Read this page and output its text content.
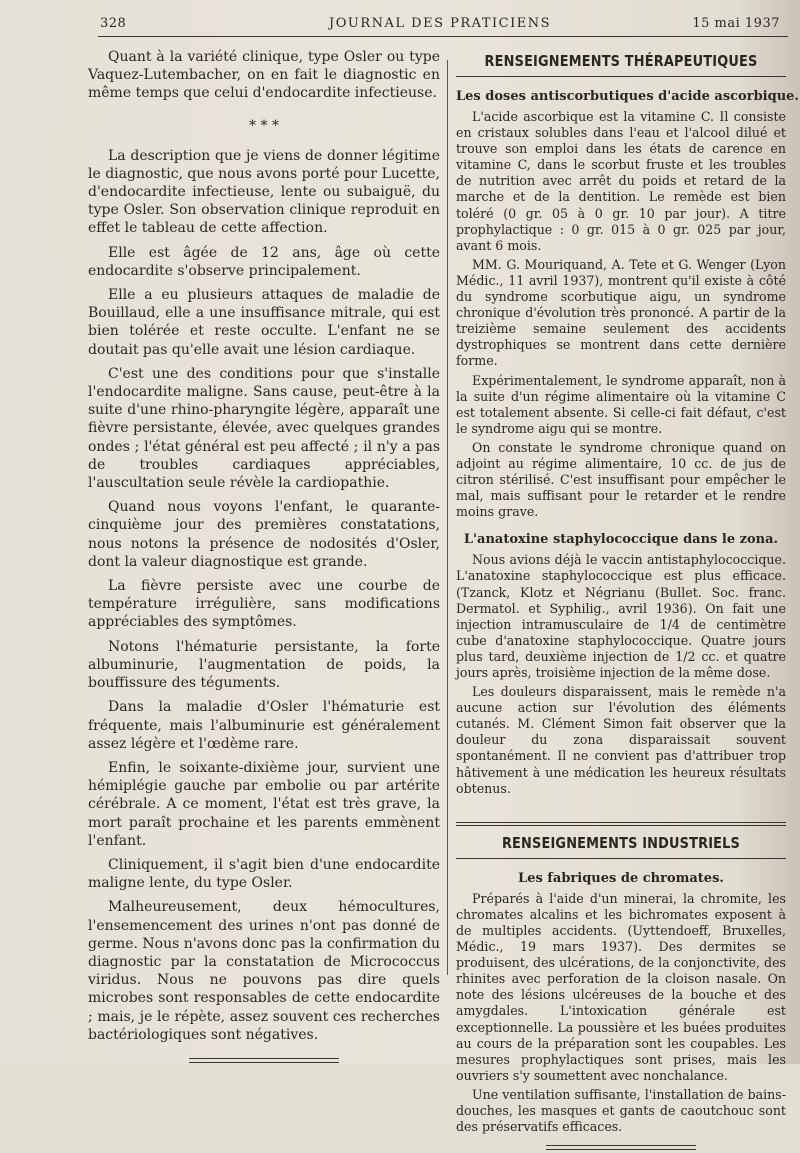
328	JOURNAL DES PRATICIENS	15 mai 1937

Quant à la variété clinique, type Osler ou type Vaquez-Lutembacher, on en fait le diagnostic en même temps que celui d'endocardite infectieuse.

* * *

La description que je viens de donner légitime le diagnostic, que nous avons porté pour Lucette, d'endocardite infectieuse, lente ou subaiguë, du type Osler. Son observation clinique reproduit en effet le tableau de cette affection.

Elle est âgée de 12 ans, âge où cette endocardite s'observe principalement.

Elle a eu plusieurs attaques de maladie de Bouillaud, elle a une insuffisance mitrale, qui est bien tolérée et reste occulte. L'enfant ne se doutait pas qu'elle avait une lésion cardiaque.

C'est une des conditions pour que s'installe l'endocardite maligne. Sans cause, peut-être à la suite d'une rhino-pharyngite légère, apparaît une fièvre persistante, élevée, avec quelques grandes ondes ; l'état général est peu affecté ; il n'y a pas de troubles cardiaques appréciables, l'auscultation seule révèle la cardiopathie.

Quand nous voyons l'enfant, le quarante-cinquième jour des premières constatations, nous notons la présence de nodosités d'Osler, dont la valeur diagnostique est grande.

La fièvre persiste avec une courbe de température irrégulière, sans modifications appréciables des symptômes.

Notons l'hématurie persistante, la forte albuminurie, l'augmentation de poids, la bouffissure des téguments.

Dans la maladie d'Osler l'hématurie est fréquente, mais l'albuminurie est généralement assez légère et l'œdème rare.

Enfin, le soixante-dixième jour, survient une hémiplégie gauche par embolie ou par artérite cérébrale. A ce moment, l'état est très grave, la mort paraît prochaine et les parents emmènent l'enfant.

Cliniquement, il s'agit bien d'une endocardite maligne lente, du type Osler.

Malheureusement, deux hémocultures, l'ensemencement des urines n'ont pas donné de germe. Nous n'avons donc pas la confirmation du diagnostic par la constatation de Micrococcus viridus. Nous ne pouvons pas dire quels microbes sont responsables de cette endocardite ; mais, je le répète, assez souvent ces recherches bactériologiques sont négatives.

RENSEIGNEMENTS THÉRAPEUTIQUES
Les doses antiscorbutiques d'acide ascorbique.

L'acide ascorbique est la vitamine C. Il consiste en cristaux solubles dans l'eau et l'alcool dilué et trouve son emploi dans les états de carence en vitamine C, dans le scorbut fruste et les troubles de nutrition avec arrêt du poids et retard de la marche et de la dentition. Le remède est bien toléré (0 gr. 05 à 0 gr. 10 par jour). A titre prophylactique : 0 gr. 015 à 0 gr. 025 par jour, avant 6 mois.

MM. G. Mouriquand, A. Tete et G. Wenger (Lyon Médic., 11 avril 1937), montrent qu'il existe à côté du syndrome scorbutique aigu, un syndrome chronique d'évolution très prononcé. A partir de la treizième semaine seulement des accidents dystrophiques se montrent dans cette dernière forme.

Expérimentalement, le syndrome apparaît, non à la suite d'un régime alimentaire où la vitamine C est totalement absente. Si celle-ci fait défaut, c'est le syndrome aigu qui se montre.

On constate le syndrome chronique quand on adjoint au régime alimentaire, 10 cc. de jus de citron stérilisé. C'est insuffisant pour empêcher le mal, mais suffisant pour le retarder et le rendre moins grave.

L'anatoxine staphylococcique dans le zona.

Nous avions déjà le vaccin antistaphylococcique. L'anatoxine staphylococcique est plus efficace. (Tzanck, Klotz et Négrianu (Bullet. Soc. franc. Dermatol. et Syphilig., avril 1936). On fait une injection intramusculaire de 1/4 de centimètre cube d'anatoxine staphylococcique. Quatre jours plus tard, deuxième injection de 1/2 cc. et quatre jours après, troisième injection de la même dose.

Les douleurs disparaissent, mais le remède n'a aucune action sur l'évolution des éléments cutanés. M. Clément Simon fait observer que la douleur du zona disparaissait souvent spontanément. Il ne convient pas d'attribuer trop hâtivement à une médication les heureux résultats obtenus.

RENSEIGNEMENTS INDUSTRIELS
Les fabriques de chromates.

Préparés à l'aide d'un minerai, la chromite, les chromates alcalins et les bichromates exposent à de multiples accidents. (Uyttendoeff, Bruxelles, Médic., 19 mars 1937). Des dermites se produisent, des ulcérations, de la conjonctivite, des rhinites avec perforation de la cloison nasale. On note des lésions ulcéreuses de la bouche et des amygdales. L'intoxication générale est exceptionnelle. La poussière et les buées produites au cours de la préparation sont les coupables. Les mesures prophylactiques sont prises, mais les ouvriers s'y soumettent avec nonchalance.

Une ventilation suffisante, l'installation de bains-douches, les masques et gants de caoutchouc sont des préservatifs efficaces.
